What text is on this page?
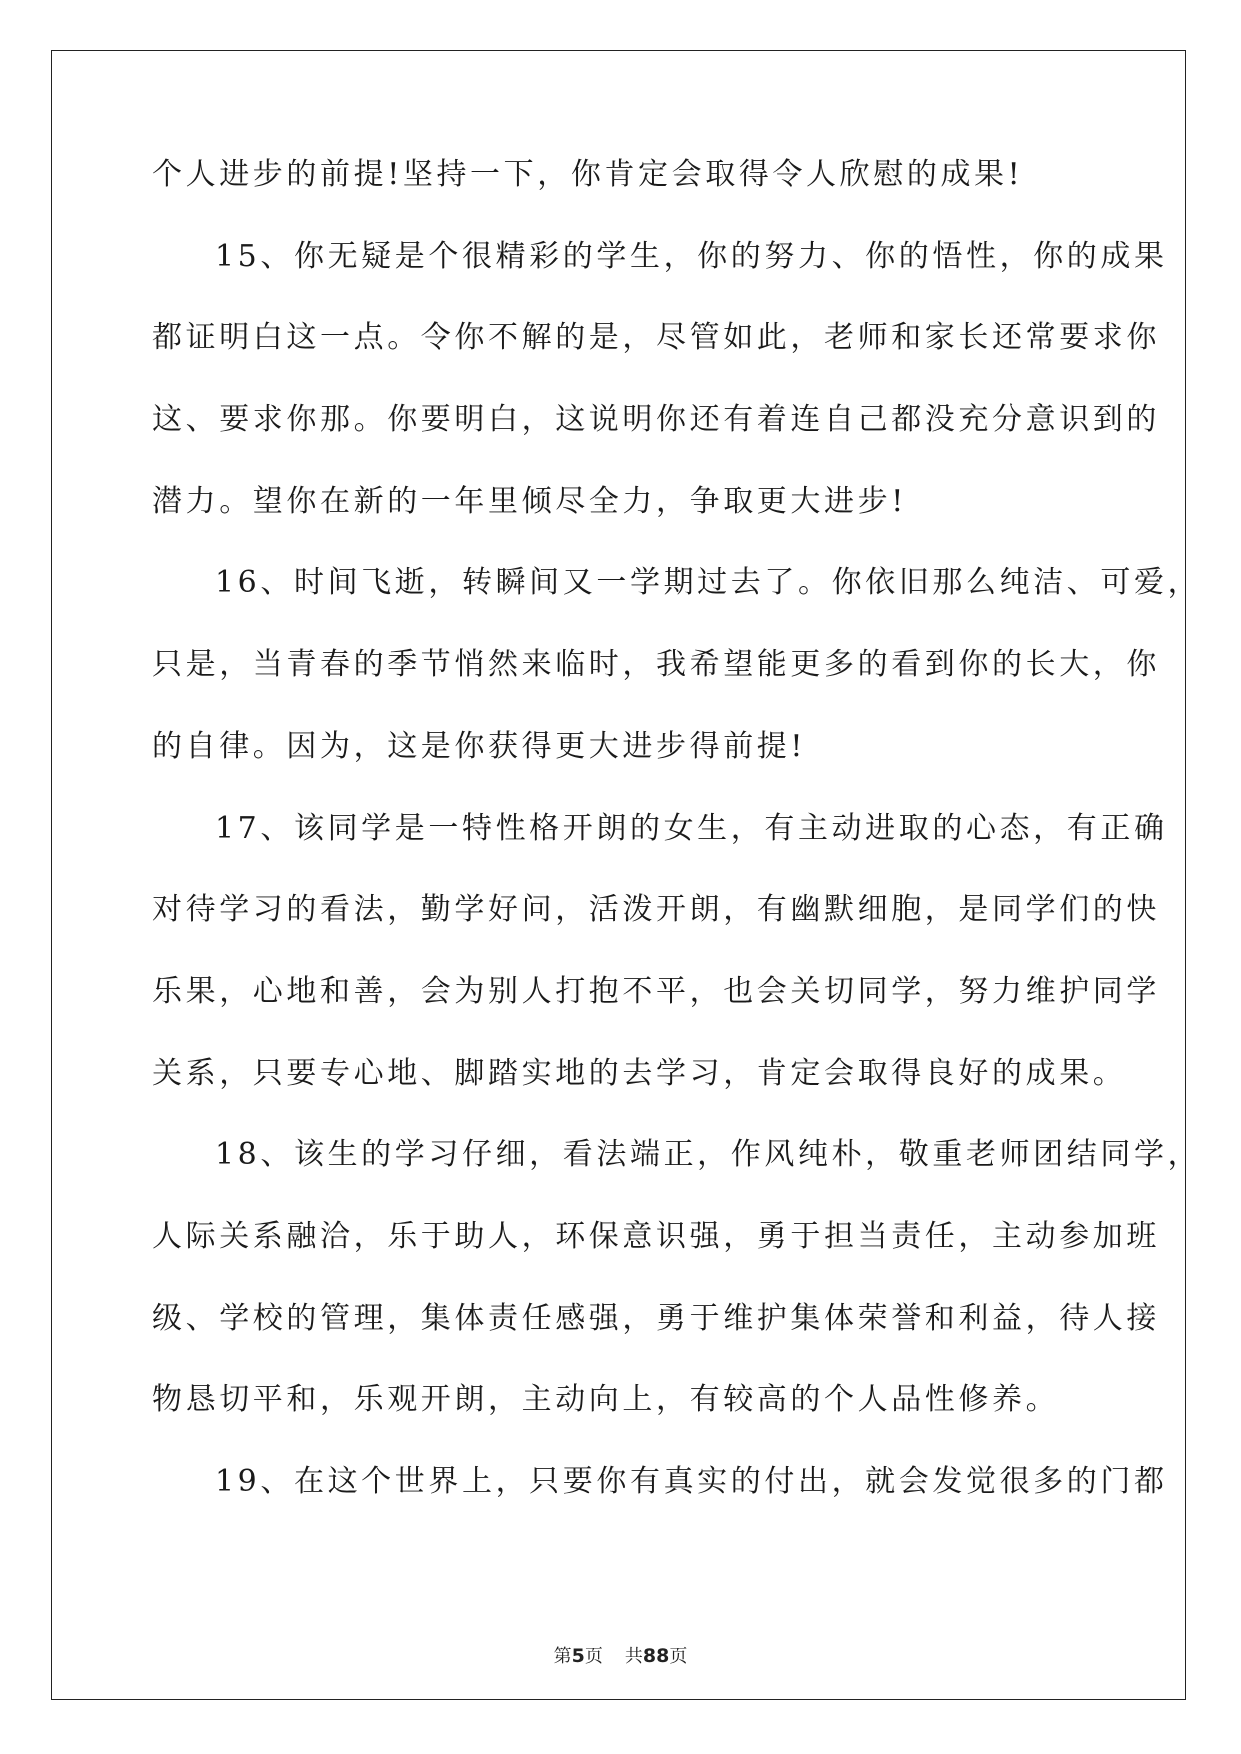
个人进步的前提!坚持一下，你肯定会取得令人欣慰的成果!
15、你无疑是个很精彩的学生，你的努力、你的悟性，你的成果
都证明白这一点。令你不解的是，尽管如此，老师和家长还常要求你
这、要求你那。你要明白，这说明你还有着连自己都没充分意识到的
潜力。望你在新的一年里倾尽全力，争取更大进步!
16、时间飞逝，转瞬间又一学期过去了。你依旧那么纯洁、可爱，
只是，当青春的季节悄然来临时，我希望能更多的看到你的长大，你
的自律。因为，这是你获得更大进步得前提!
17、该同学是一特性格开朗的女生，有主动进取的心态，有正确
对待学习的看法，勤学好问，活泼开朗，有幽默细胞，是同学们的快
乐果，心地和善，会为别人打抱不平，也会关切同学，努力维护同学
关系，只要专心地、脚踏实地的去学习，肯定会取得良好的成果。
18、该生的学习仔细，看法端正，作风纯朴，敬重老师团结同学，
人际关系融洽，乐于助人，环保意识强，勇于担当责任，主动参加班
级、学校的管理，集体责任感强，勇于维护集体荣誉和利益，待人接
物恳切平和，乐观开朗，主动向上，有较高的个人品性修养。
19、在这个世界上，只要你有真实的付出，就会发觉很多的门都
第5页 共88页
